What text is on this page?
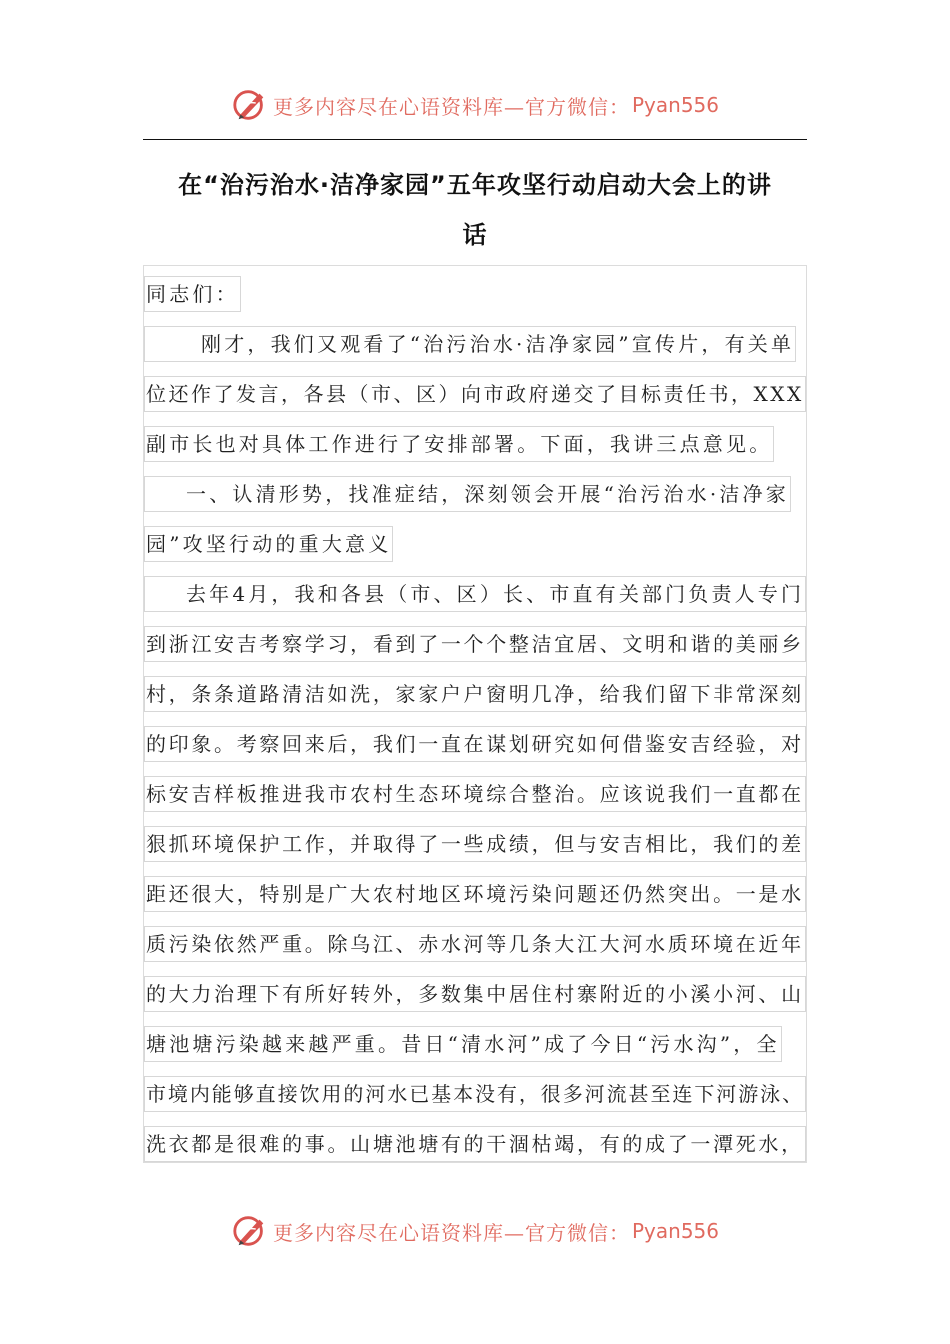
更多内容尽在心语资料库—官方微信： Pyan556
在“治污治水·洁净家园”五年攻坚行动启动大会上的讲
话
同志们：
刚才，我们又观看了“治污治水·洁净家园”宣传片，有关单
位还作了发言，各县（市、区）向市政府递交了目标责任书，XXX
副市长也对具体工作进行了安排部署。下面，我讲三点意见。
一、认清形势，找准症结，深刻领会开展“治污治水·洁净家
园”攻坚行动的重大意义
去年4月，我和各县（市、区）长、市直有关部门负责人专门
到浙江安吉考察学习，看到了一个个整洁宜居、文明和谐的美丽乡
村，条条道路清洁如洗，家家户户窗明几净，给我们留下非常深刻
的印象。考察回来后，我们一直在谋划研究如何借鉴安吉经验，对
标安吉样板推进我市农村生态环境综合整治。应该说我们一直都在
狠抓环境保护工作，并取得了一些成绩，但与安吉相比，我们的差
距还很大，特别是广大农村地区环境污染问题还仍然突出。一是水
质污染依然严重。除乌江、赤水河等几条大江大河水质环境在近年
的大力治理下有所好转外，多数集中居住村寨附近的小溪小河、山
塘池塘污染越来越严重。昔日“清水河”成了今日“污水沟”，全
市境内能够直接饮用的河水已基本没有，很多河流甚至连下河游泳、
洗衣都是很难的事。山塘池塘有的干涸枯竭，有的成了一潭死水，
更多内容尽在心语资料库—官方微信： Pyan556
